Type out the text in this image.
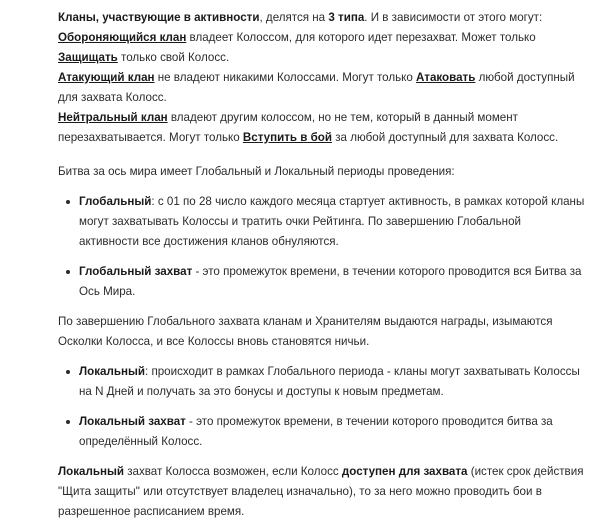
Кланы, участвующие в активности, делятся на 3 типа. И в зависимости от этого могут:
Обороняющийся клан владеет Колоссом, для которого идет перезахват. Может только
Защищать только свой Колосс.
Атакующий клан не владеют никакими Колоссами. Могут только Атаковать любой доступный
для захвата Колосс.
Нейтральный клан владеют другим колоссом, но не тем, который в данный момент
перезахватывается. Могут только Вступить в бой за любой доступный для захвата Колосс.
Битва за ось мира имеет Глобальный и Локальный периоды проведения:
Глобальный: с 01 по 28 число каждого месяца стартует активность, в рамках которой кланы
могут захватывать Колоссы и тратить очки Рейтинга. По завершению Глобальной
активности все достижения кланов обнуляются.
Глобальный захват - это промежуток времени, в течении которого проводится вся Битва за
Ось Мира.
По завершению Глобального захвата кланам и Хранителям выдаются награды, изымаются
Осколки Колосса, и все Колоссы вновь становятся ничьи.
Локальный: происходит в рамках Глобального периода - кланы могут захватывать Колоссы
на N Дней и получать за это бонусы и доступы к новым предметам.
Локальный захват - это промежуток времени, в течении которого проводится битва за
определённый Колосс.
Локальный захват Колосса возможен, если Колосс доступен для захвата (истек срок действия
"Щита защиты" или отсутствует владелец изначально), то за него можно проводить бои в
разрешенное расписанием время.
